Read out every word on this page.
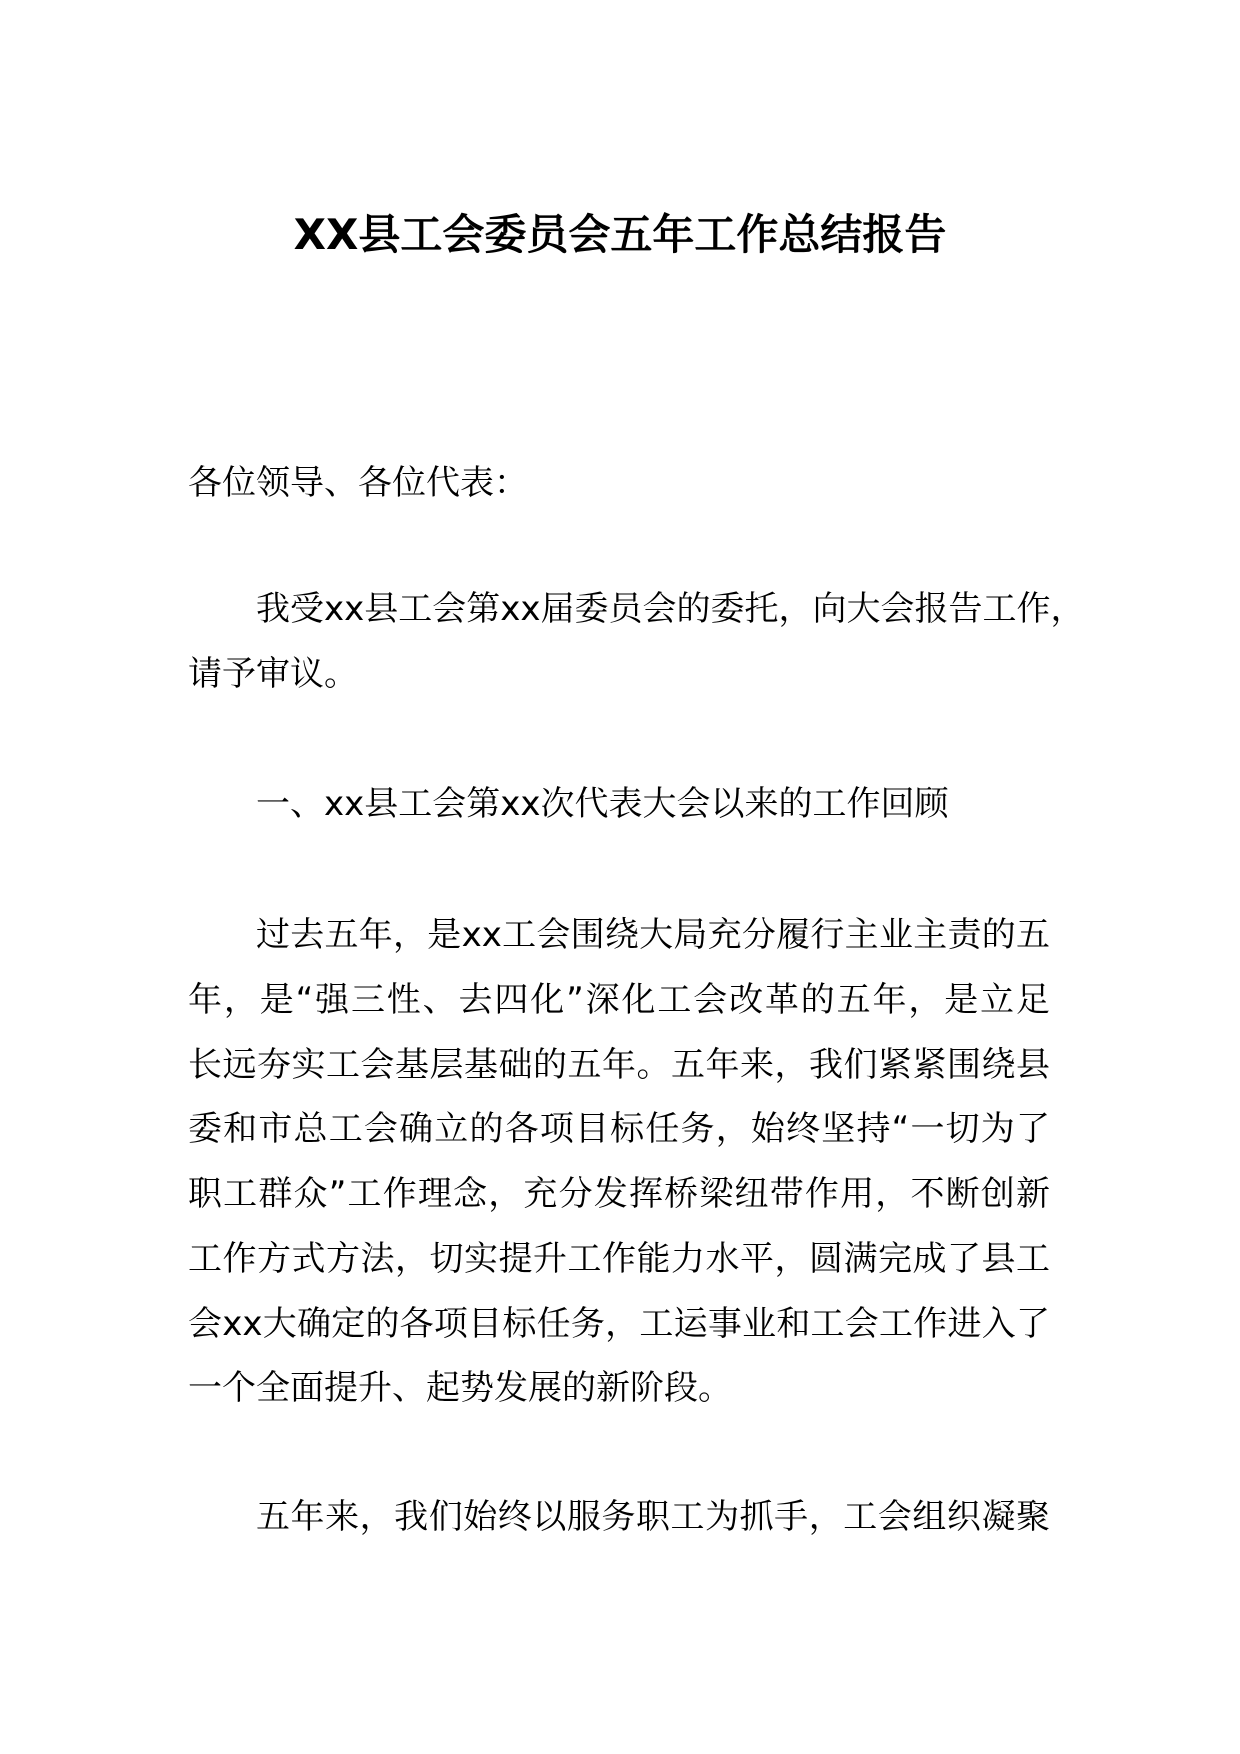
XX县工会委员会五年工作总结报告
各位领导、各位代表：
我受xx县工会第xx届委员会的委托，向大会报告工作，
请予审议。
一、xx县工会第xx次代表大会以来的工作回顾
过去五年，是xx工会围绕大局充分履行主业主责的五
年，是“强三性、去四化”深化工会改革的五年，是立足
长远夯实工会基层基础的五年。五年来，我们紧紧围绕县
委和市总工会确立的各项目标任务，始终坚持“一切为了
职工群众”工作理念，充分发挥桥梁纽带作用，不断创新
工作方式方法，切实提升工作能力水平，圆满完成了县工
会xx大确定的各项目标任务，工运事业和工会工作进入了
一个全面提升、起势发展的新阶段。
五年来，我们始终以服务职工为抓手，工会组织凝聚
